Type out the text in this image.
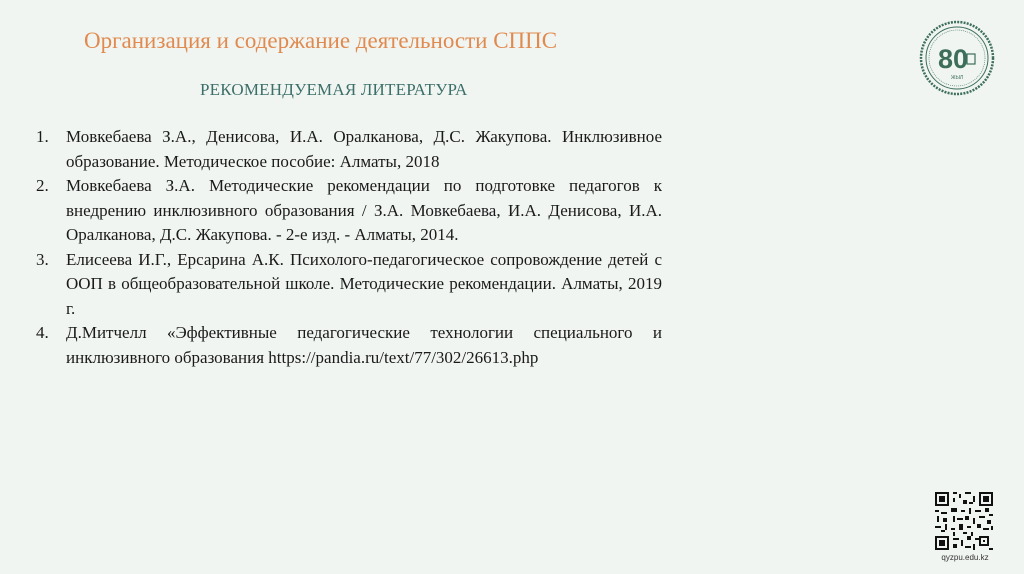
Организация и содержание деятельности СППС
РЕКОМЕНДУЕМАЯ ЛИТЕРАТУРА
1.	Мовкебаева З.А., Денисова, И.А. Оралканова, Д.С. Жакупова. Инклюзивное образование. Методическое пособие: Алматы, 2018
2.	Мовкебаева З.А. Методические рекомендации по подготовке педагогов к внедрению инклюзивного образования / З.А. Мовкебаева, И.А. Денисова, И.А. Оралканова, Д.С. Жакупова. - 2-е изд. - Алматы, 2014.
3.	Елисеева И.Г., Ерсарина А.К. Психолого-педагогическое сопровождение детей с ООП в общеобразовательной школе. Методические рекомендации. Алматы, 2019 г.
4.	Д.Митчелл «Эффективные педагогические технологии специального и инклюзивного образования https://pandia.ru/text/77/302/26613.php
80
ЖЫЛ
qyzpu.edu.kz
